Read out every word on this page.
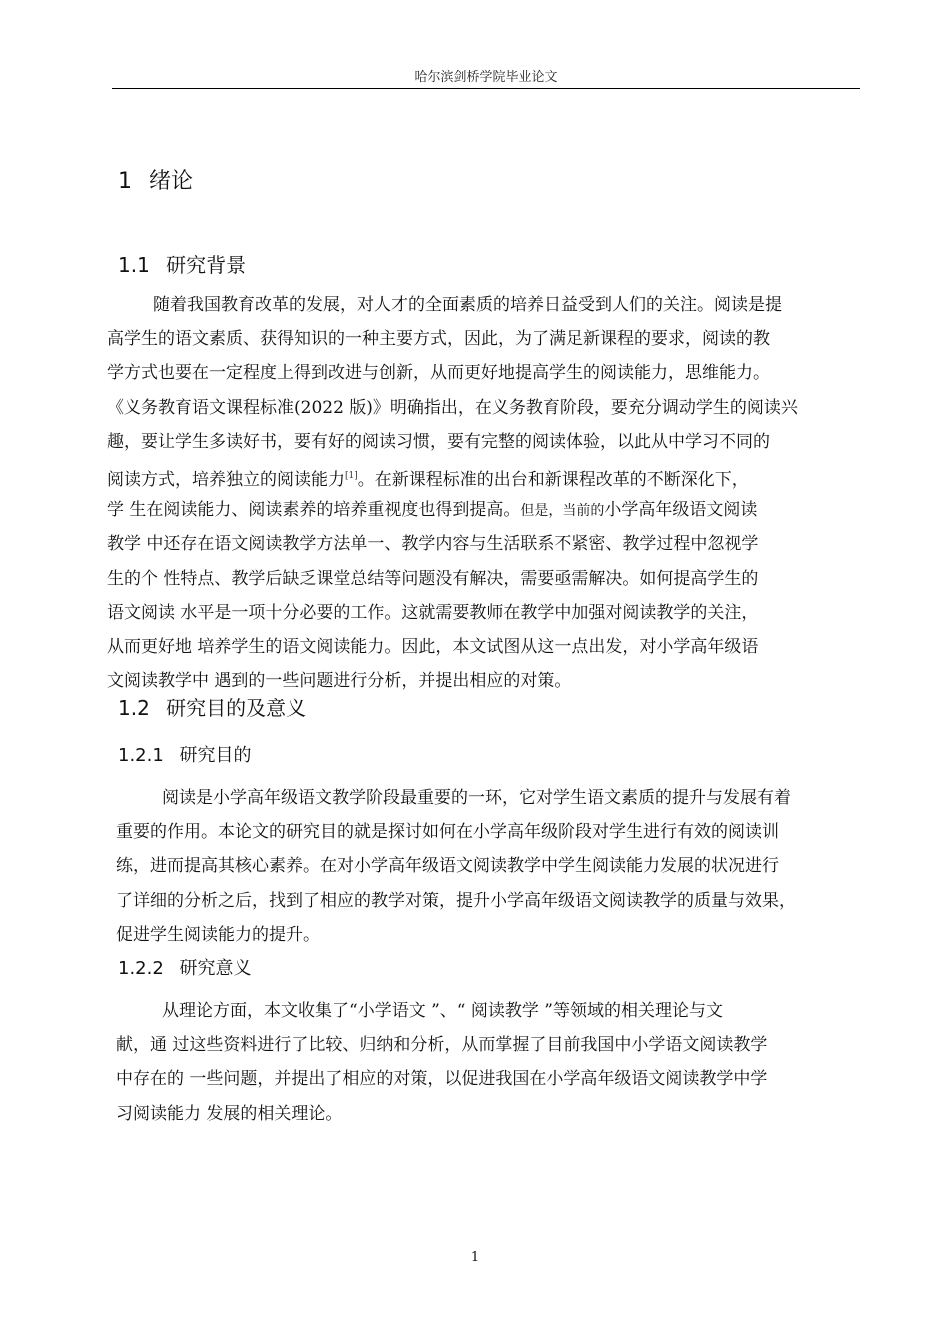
哈尔滨剑桥学院毕业论文
1 绪论
1.1 研究背景
随着我国教育改革的发展，对人才的全面素质的培养日益受到人们的关注。阅读是提
高学生的语文素质、获得知识的一种主要方式，因此，为了满足新课程的要求，阅读的教
学方式也要在一定程度上得到改进与创新，从而更好地提高学生的阅读能力，思维能力。
《义务教育语文课程标准(2022 版)》明确指出，在义务教育阶段，要充分调动学生的阅读兴
趣，要让学生多读好书，要有好的阅读习惯，要有完整的阅读体验，以此从中学习不同的
阅读方式，培养独立的阅读能力[1]。在新课程标准的出台和新课程改革的不断深化下，
学 生在阅读能力、阅读素养的培养重视度也得到提高。但是，当前的小学高年级语文阅读
教学 中还存在语文阅读教学方法单一、教学内容与生活联系不紧密、教学过程中忽视学
生的个 性特点、教学后缺乏课堂总结等问题没有解决，需要亟需解决。如何提高学生的
语文阅读 水平是一项十分必要的工作。这就需要教师在教学中加强对阅读教学的关注，
从而更好地 培养学生的语文阅读能力。因此，本文试图从这一点出发，对小学高年级语
文阅读教学中 遇到的一些问题进行分析，并提出相应的对策。
1.2 研究目的及意义
1.2.1 研究目的
阅读是小学高年级语文教学阶段最重要的一环，它对学生语文素质的提升与发展有着
重要的作用。本论文的研究目的就是探讨如何在小学高年级阶段对学生进行有效的阅读训
练，进而提高其核心素养。在对小学高年级语文阅读教学中学生阅读能力发展的状况进行
了详细的分析之后，找到了相应的教学对策，提升小学高年级语文阅读教学的质量与效果，
促进学生阅读能力的提升。
1.2.2 研究意义
从理论方面，本文收集了“小学语文 ”、“ 阅读教学 ”等领域的相关理论与文
献，通 过这些资料进行了比较、归纳和分析，从而掌握了目前我国中小学语文阅读教学
中存在的 一些问题，并提出了相应的对策，以促进我国在小学高年级语文阅读教学中学
习阅读能力 发展的相关理论。
1
